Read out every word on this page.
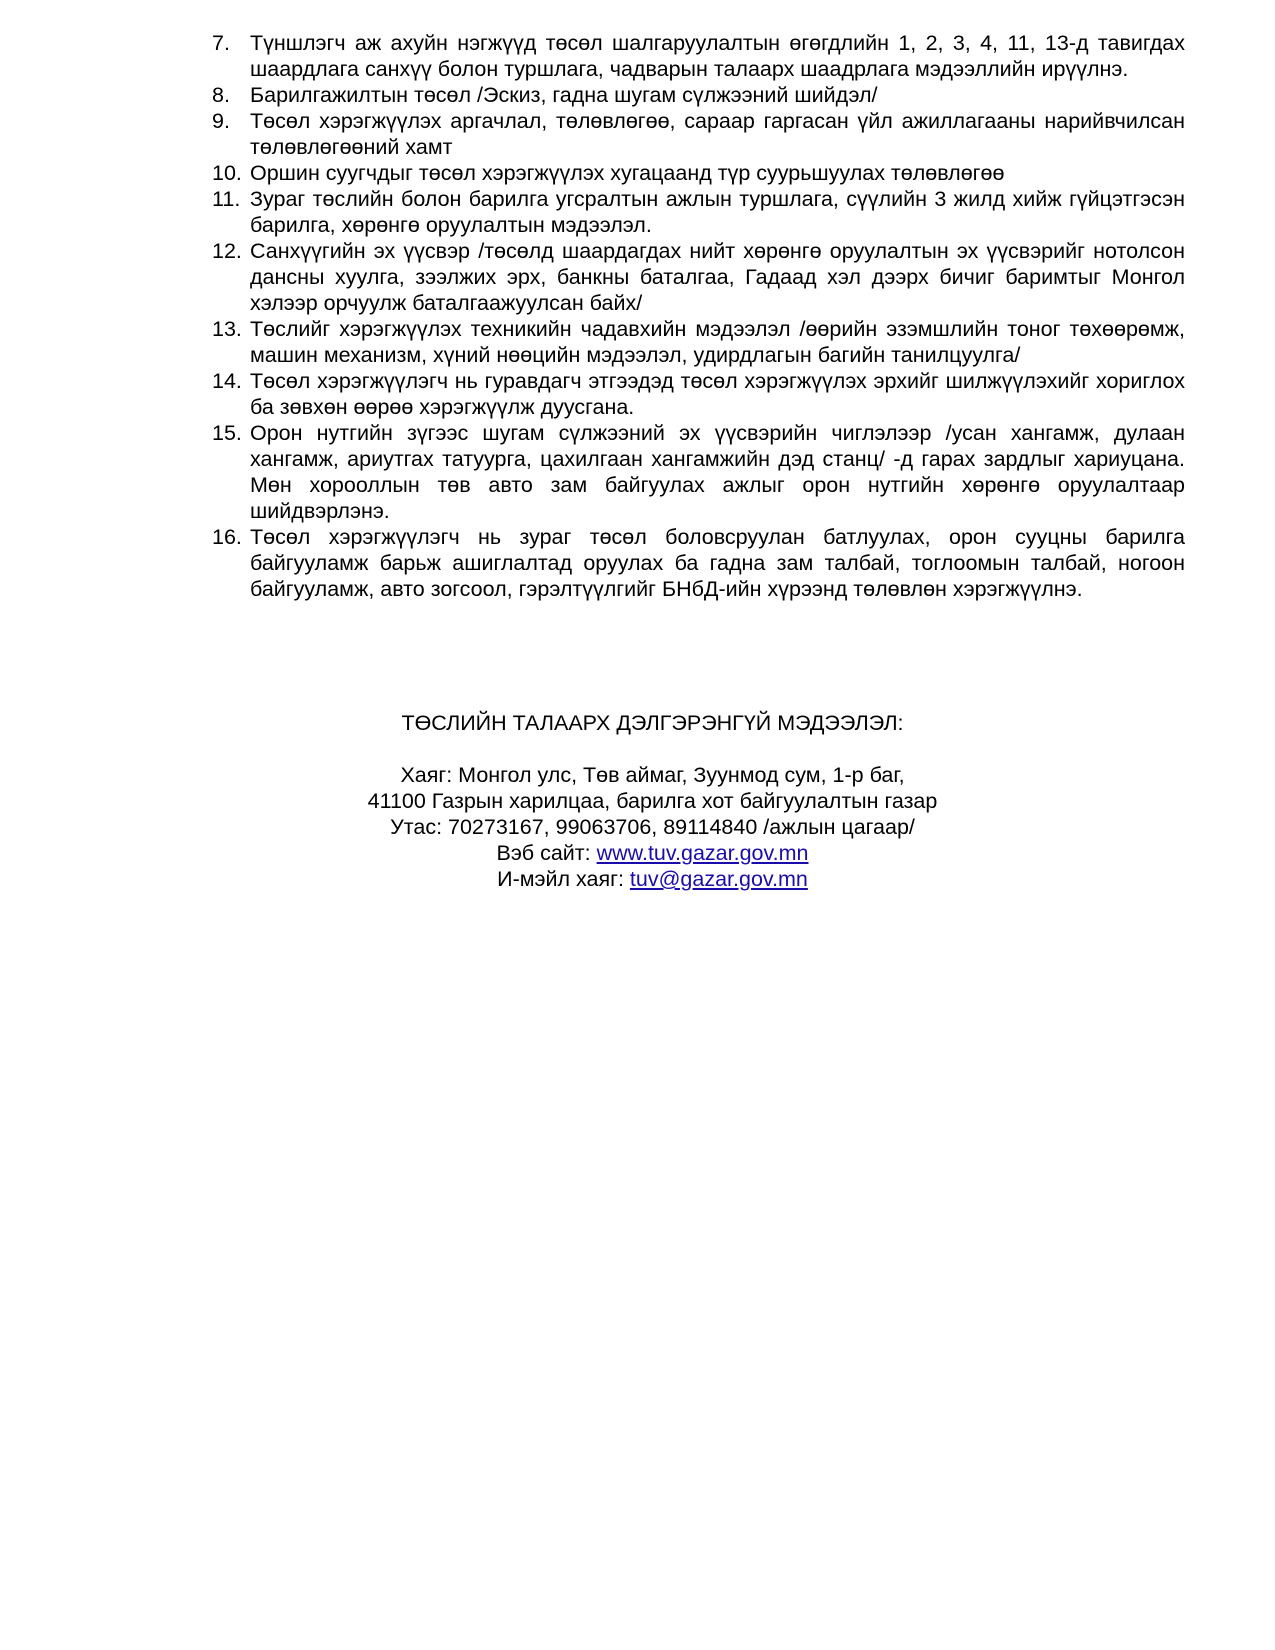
7. Түншлэгч аж ахуйн нэгжүүд төсөл шалгаруулалтын өгөгдлийн 1, 2, 3, 4, 11, 13-д тавигдах шаардлага санхүү болон туршлага, чадварын талаарх шаадрлага мэдээллийн ирүүлнэ.
8. Барилгажилтын төсөл /Эскиз, гадна шугам сүлжээний шийдэл/
9. Төсөл хэрэгжүүлэх аргачлал, төлөвлөгөө, сараар гаргасан үйл ажиллагааны нарийвчилсан төлөвлөгөөний хамт
10. Оршин суугчдыг төсөл хэрэгжүүлэх хугацаанд түр суурьшуулах төлөвлөгөө
11. Зураг төслийн болон барилга угсралтын ажлын туршлага, сүүлийн 3 жилд хийж гүйцэтгэсэн барилга, хөрөнгө оруулалтын мэдээлэл.
12. Санхүүгийн эх үүсвэр /төсөлд шаардагдах нийт хөрөнгө оруулалтын эх үүсвэрийг нотолсон дансны хуулга, зээлжих эрх, банкны баталгаа, Гадаад хэл дээрх бичиг баримтыг Монгол хэлээр орчуулж баталгаажуулсан байх/
13. Төслийг хэрэгжүүлэх техникийн чадавхийн мэдээлэл /өөрийн эзэмшлийн тоног төхөөрөмж, машин механизм, хүний нөөцийн мэдээлэл, удирдлагын багийн танилцуулга/
14. Төсөл хэрэгжүүлэгч нь гуравдагч этгээдэд төсөл хэрэгжүүлэх эрхийг шилжүүлэхийг хориглох ба зөвхөн өөрөө хэрэгжүүлж дуусгана.
15. Орон нутгийн зүгээс шугам сүлжээний эх үүсвэрийн чиглэлээр /усан хангамж, дулаан хангамж, ариутгах татуурга, цахилгаан хангамжийн дэд станц/ -д гарах зардлыг хариуцана. Мөн хорооллын төв авто зам байгуулах ажлыг орон нутгийн хөрөнгө оруулалтаар шийдвэрлэнэ.
16. Төсөл хэрэгжүүлэгч нь зураг төсөл боловсруулан батлуулах, орон сууцны барилга байгууламж барьж ашиглалтад оруулах ба гадна зам талбай, тоглоомын талбай, ногоон байгууламж, авто зогсоол, гэрэлтүүлгийг БНбД-ийн хүрээнд төлөвлөн хэрэгжүүлнэ.
ТӨСЛИЙН ТАЛААРХ ДЭЛГЭРЭНГҮЙ МЭДЭЭЛЭЛ:

Хаяг: Монгол улс, Төв аймаг, Зуунмод сум, 1-р баг,

41100 Газрын харилцаа, барилга хот байгуулалтын газар

Утас: 70273167, 99063706, 89114840 /ажлын цагаар/

Вэб сайт: www.tuv.gazar.gov.mn

И-мэйл хаяг: tuv@gazar.gov.mn
